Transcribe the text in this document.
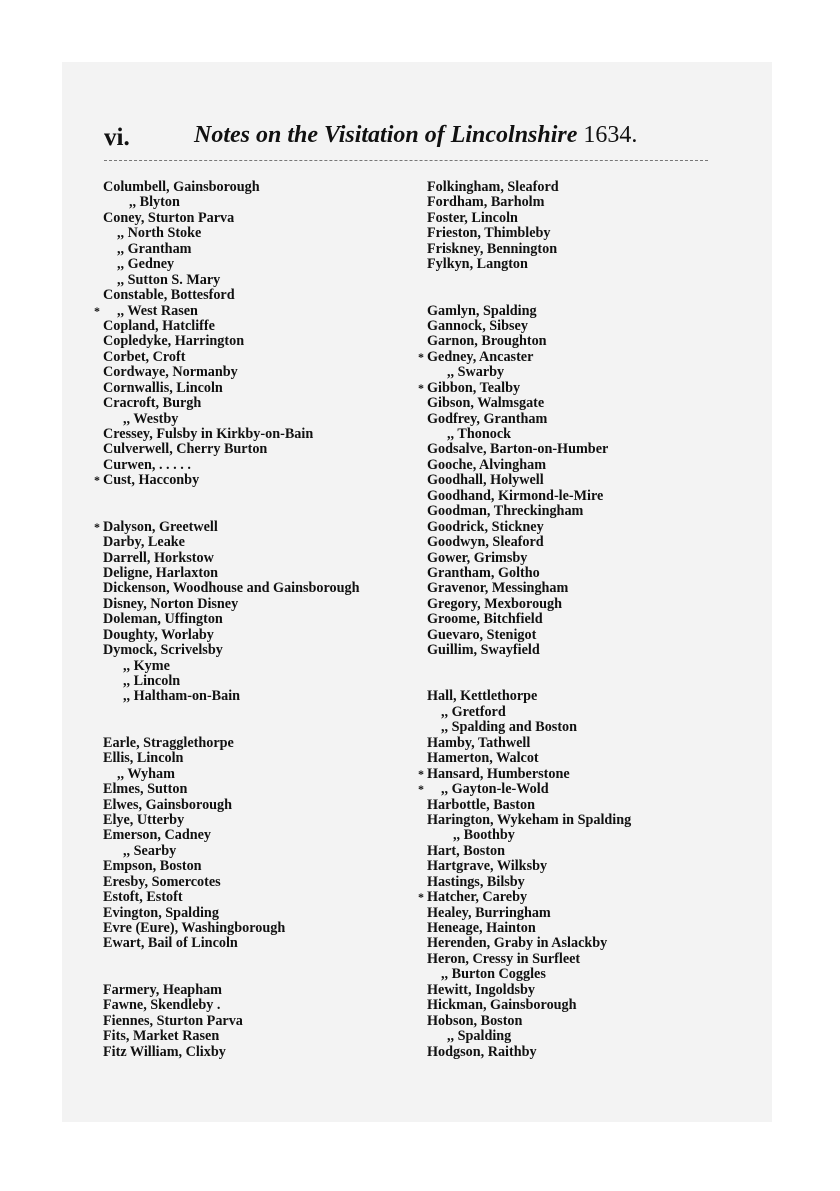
vi.	Notes on the Visitation of Lincolnshire 1634.
Columbell, Gainsborough
,, Blyton
Coney, Sturton Parva
,, North Stoke
,, Grantham
,, Gedney
,, Sutton S. Mary
Constable, Bottesford
* ,, West Rasen
Copland, Hatcliffe
Copledyke, Harrington
Corbet, Croft
Cordwaye, Normanby
Cornwallis, Lincoln
Cracroft, Burgh
,, Westby
Cressey, Fulsby in Kirkby-on-Bain
Culverwell, Cherry Burton
Curwen, . . . . .
* Cust, Hacconby
* Dalyson, Greetwell
Darby, Leake
Darrell, Horkstow
Deligne, Harlaxton
Dickenson, Woodhouse and Gainsborough
Disney, Norton Disney
Doleman, Uffington
Doughty, Worlaby
Dymock, Scrivelsby
,, Kyme
,, Lincoln
,, Haltham-on-Bain
Earle, Stragglethorpe
Ellis, Lincoln
,, Wyham
Elmes, Sutton
Elwes, Gainsborough
Elye, Utterby
Emerson, Cadney
,, Searby
Empson, Boston
Eresby, Somercotes
Estoft, Estoft
Evington, Spalding
Evre (Eure), Washingborough
Ewart, Bail of Lincoln
Farmery, Heapham
Fawne, Skendleby .
Fiennes, Sturton Parva
Fits, Market Rasen
Fitz William, Clixby
Folkingham, Sleaford
Fordham, Barholm
Foster, Lincoln
Frieston, Thimbleby
Friskney, Bennington
Fylkyn, Langton
Gamlyn, Spalding
Gannock, Sibsey
Garnon, Broughton
* Gedney, Ancaster
,, Swarby
* Gibbon, Tealby
Gibson, Walmsgate
Godfrey, Grantham
,, Thonock
Godsalve, Barton-on-Humber
Gooche, Alvingham
Goodhall, Holywell
Goodhand, Kirmond-le-Mire
Goodman, Threckingham
Goodrick, Stickney
Goodwyn, Sleaford
Gower, Grimsby
Grantham, Goltho
Gravenor, Messingham
Gregory, Mexborough
Groome, Bitchfield
Guevaro, Stenigot
Guillim, Swayfield
Hall, Kettlethorpe
,, Gretford
,, Spalding and Boston
Hamby, Tathwell
Hamerton, Walcot
* Hansard, Humberstone
* ,, Gayton-le-Wold
Harbottle, Baston
Harington, Wykeham in Spalding
,, Boothby
Hart, Boston
Hartgrave, Wilksby
Hastings, Bilsby
* Hatcher, Careby
Healey, Burringham
Heneage, Hainton
Herenden, Graby in Aslackby
Heron, Cressy in Surfleet
,, Burton Coggles
Hewitt, Ingoldsby
Hickman, Gainsborough
Hobson, Boston
,, Spalding
Hodgson, Raithby
